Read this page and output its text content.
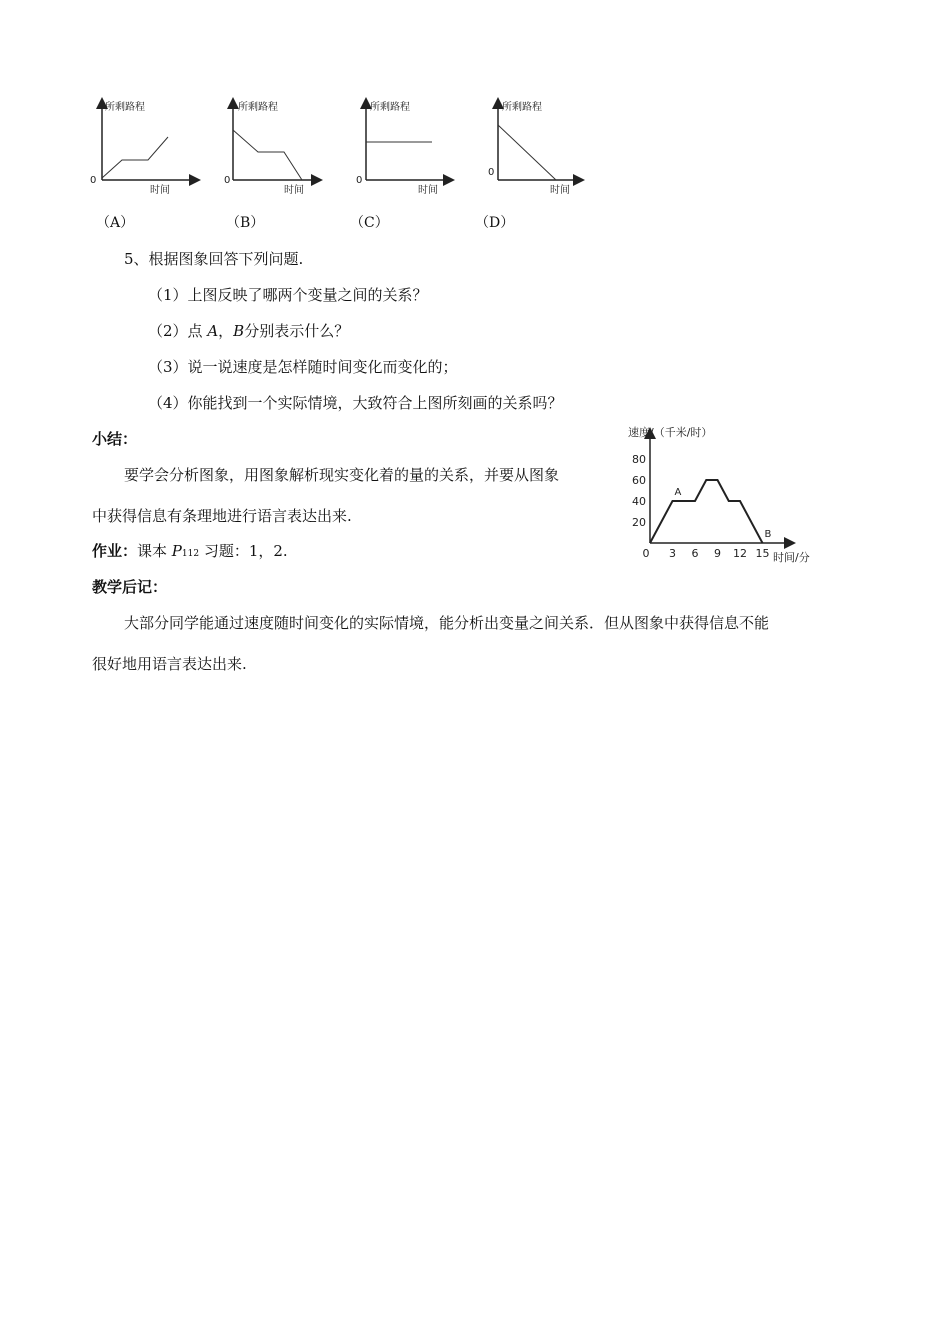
所剩路程
时间
0
所剩路程
时间
0
所剩路程
时间
0
所剩路程
时间
0
（A）	（B）	（C）	（D）
5、根据图象回答下列问题.
（1）上图反映了哪两个变量之间的关系？
（2）点 A，B分别表示什么？
（3）说一说速度是怎样随时间变化而变化的；
（4）你能找到一个实际情境，大致符合上图所刻画的关系吗？
小结：
要学会分析图象，用图象解析现实变化着的量的关系，并要从图象
中获得信息有条理地进行语言表达出来.
作业：课本 P112 习题：1，2.
教学后记：
大部分同学能通过速度随时间变化的实际情境，能分析出变量之间关系．但从图象中获得信息不能
很好地用语言表达出来.
速度/（千米/时）
20
40
60
80
3 6 9 12 15
A
B
0	时间/分
